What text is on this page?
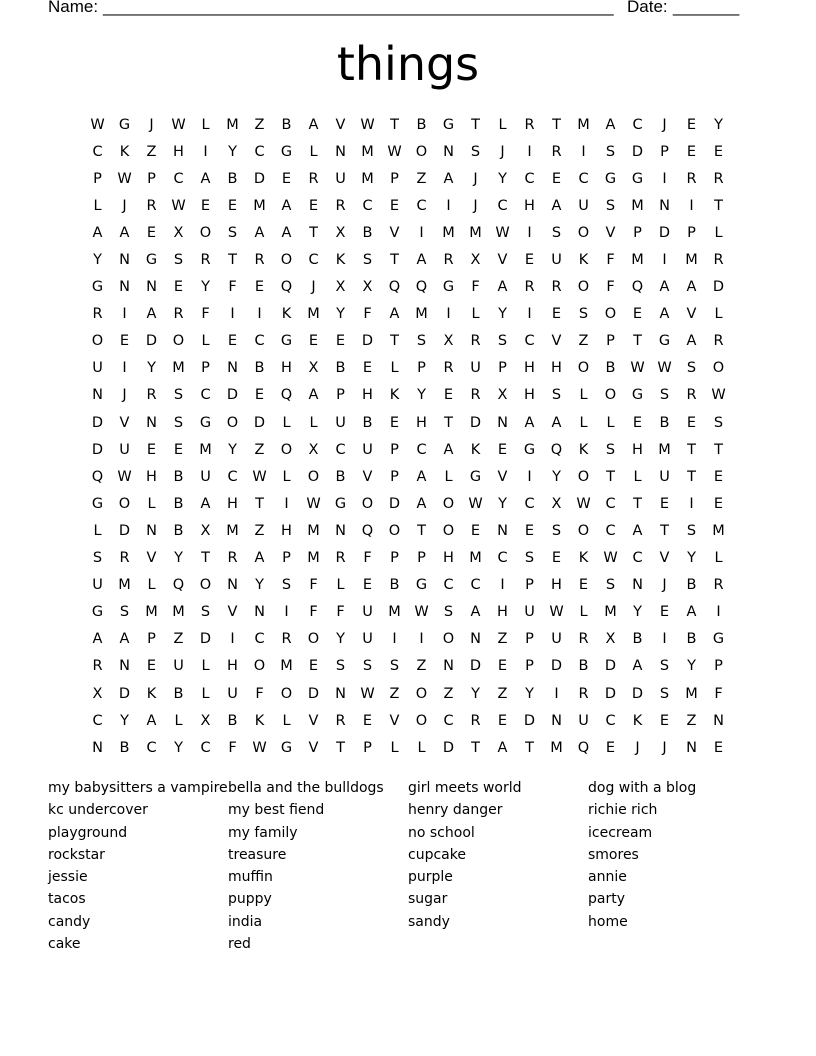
Name: ______________________________________________________ Date: _______
things
W G	J	W	L	M	Z	B	A	V	W	T	B	G	T	L	R	T	M	A	C	J	E	Y
C	K	Z	H	I	Y	C	G	L	N	M W O	N	S	J	I	R	I	S	D	P	E	E
P	W	P	C	A	B	D	E	R	U	M	P	Z	A	J	Y	C	E	C	G	G	I	R	R
L	J	R	W	E	E	M	A	E	R	C	E	C	I	J	C	H	A	U	S	M	N	I	T
A	A	E	X	O	S	A	A	T	X	B	V	I	M M W	I	S	O	V	P	D	P	L
Y	N	G	S	R	T	R	O	C	K	S	T	A	R	X	V	E	U	K	F	M	I	M	R
G	N	N	E	Y	F	E	Q	J	X	X	Q	Q	G	F	A	R	R	O	F	Q	A	A	D
R	I	A	R	F	I	I	K	M	Y	F	A	M	I	L	Y	I	E	S	O	E	A	V	L
O	E	D	O	L	E	C	G	E	E	D	T	S	X	R	S	C	V	Z	P	T	G	A	R
U	I	Y	M	P	N	B	H	X	B	E	L	P	R	U	P	H	H	O	B	W W	S	O
N	J	R	S	C	D	E	Q	A	P	H	K	Y	E	R	X	H	S	L	O	G	S	R	W
D	V	N	S	G	O	D	L	L	U	B	E	H	T	D	N	A	A	L	L	E	B	E	S
D	U	E	E	M	Y	Z	O	X	C	U	P	C	A	K	E	G	Q	K	S	H	M	T	T
Q W H	B	U	C	W	L	O	B	V	P	A	L	G	V	I	Y	O	T	L	U	T	E
G	O	L	B	A	H	T	I	W G	O	D	A	O W	Y	C	X	W	C	T	E	I	E
L	D	N	B	X	M	Z	H	M	N	Q	O	T	O	E	N	E	S	O	C	A	T	S	M
S	R	V	Y	T	R	A	P	M	R	F	P	P	H	M	C	S	E	K	W	C	V	Y	L
U	M	L	Q	O	N	Y	S	F	L	E	B	G	C	C	I	P	H	E	S	N	J	B	R
G	S	M M	S	V	N	I	F	F	U	M W	S	A	H	U	W	L	M	Y	E	A	I
A	A	P	Z	D	I	C	R	O	Y	U	I	I	O	N	Z	P	U	R	X	B	I	B	G
R	N	E	U	L	H	O	M	E	S	S	S	Z	N	D	E	P	D	B	D	A	S	Y	P
X	D	K	B	L	U	F	O	D	N W	Z	O	Z	Y	Z	Y	I	R	D	D	S	M	F
C	Y	A	L	X	B	K	L	V	R	E	V	O	C	R	E	D	N	U	C	K	E	Z	N
N	B	C	Y	C	F	W G	V	T	P	L	L	D	T	A	T	M	Q	E	J	J	N	E
my babysitters a vampire
kc undercover
playground
rockstar
jessie
tacos
candy
cake
bella and the bulldogs
my best fiend
my family
treasure
muffin
puppy
india
red
girl meets world
henry danger
no school
cupcake
purple
sugar
sandy
dog with a blog
richie rich
icecream
smores
annie
party
home
